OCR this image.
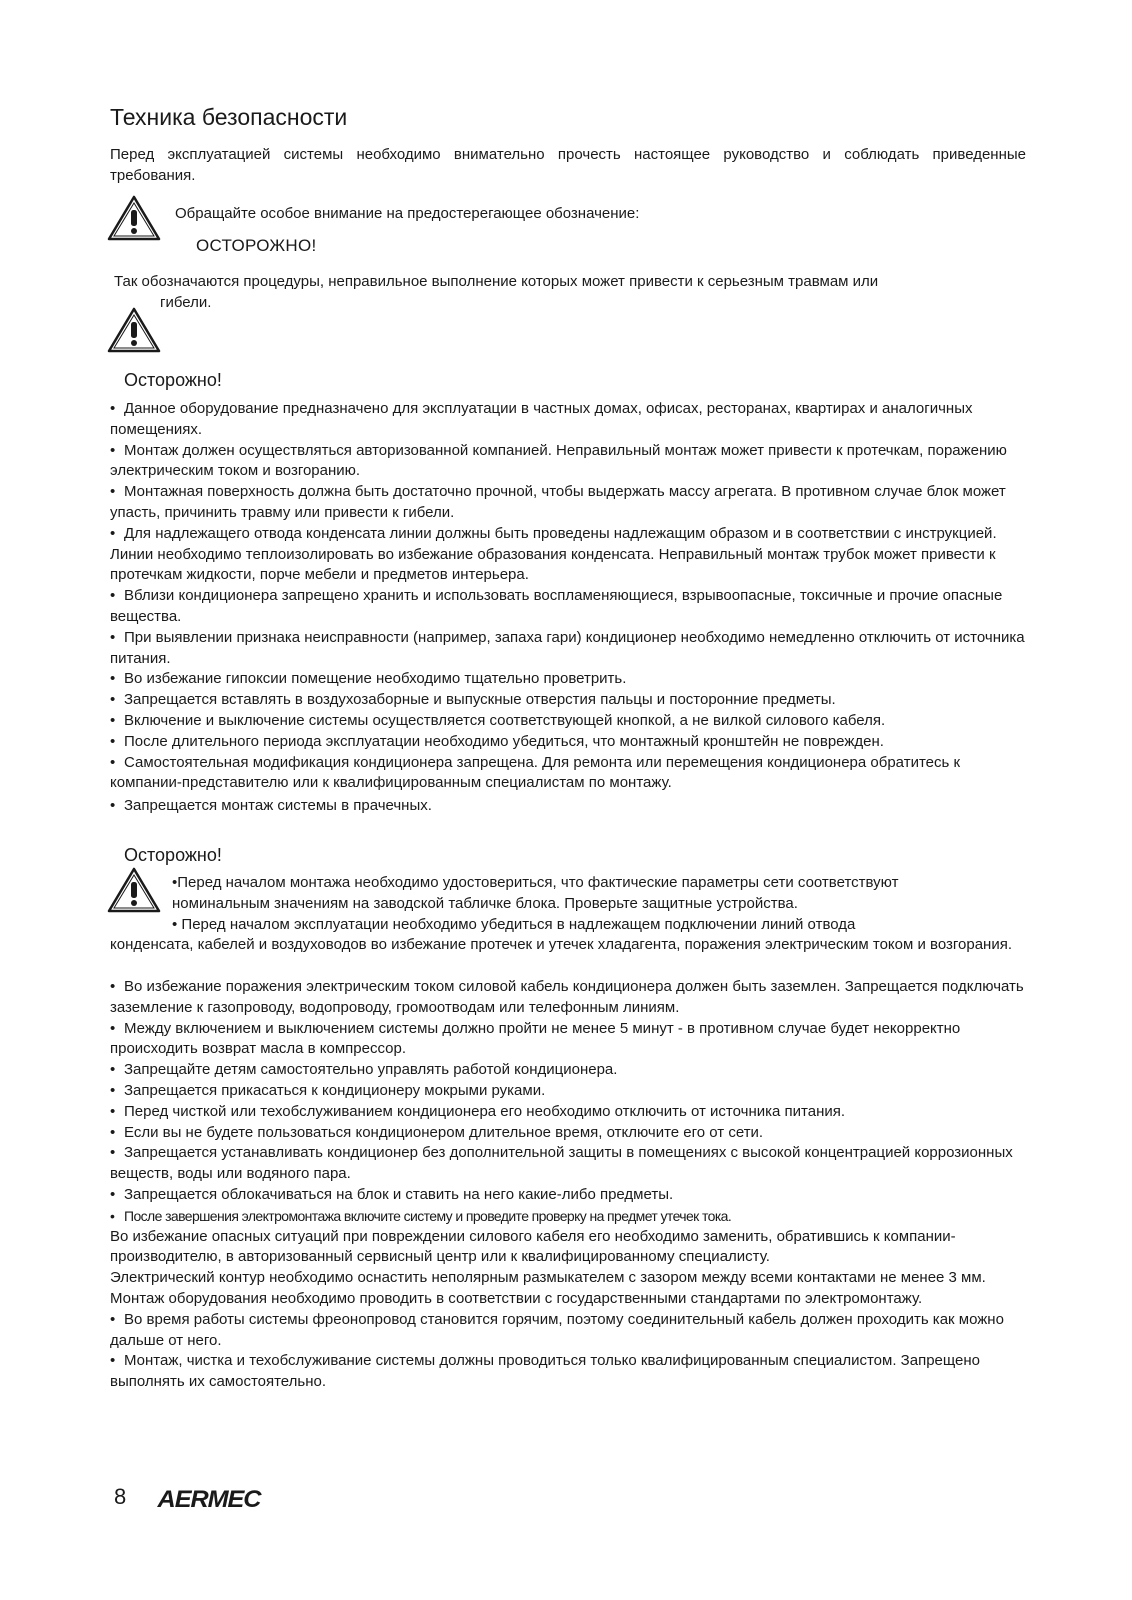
Техника безопасности

Перед эксплуатацией системы необходимо внимательно прочесть настоящее руководство и соблюдать приведенные требования.

Обращайте особое внимание на предостерегающее обозначение:

ОСТОРОЖНО!

Так обозначаются процедуры, неправильное выполнение которых может привести к серьезным травмам или
гибели.

Осторожно!

• Данное оборудование предназначено для эксплуатации в частных домах, офисах, ресторанах, квартирах и аналогичных помещениях.
• Монтаж должен осуществляться авторизованной компанией. Неправильный монтаж может привести к протечкам, поражению электрическим током и возгоранию.
• Монтажная поверхность должна быть достаточно прочной, чтобы выдержать массу агрегата. В противном случае блок может упасть, причинить травму или привести к гибели.
• Для надлежащего отвода конденсата линии должны быть проведены надлежащим образом и в соответствии с инструкцией. Линии необходимо теплоизолировать во избежание образования конденсата. Неправильный монтаж трубок может привести к протечкам жидкости, порче мебели и предметов интерьера.
• Вблизи кондиционера запрещено хранить и использовать воспламеняющиеся, взрывоопасные, токсичные и прочие опасные вещества.
• При выявлении признака неисправности (например, запаха гари) кондиционер необходимо немедленно отключить от источника питания.
• Во избежание гипоксии помещение необходимо тщательно проветрить.
• Запрещается вставлять в воздухозаборные и выпускные отверстия пальцы и посторонние предметы.
• Включение и выключение системы осуществляется соответствующей кнопкой, а не вилкой силового кабеля.
• После длительного периода эксплуатации необходимо убедиться, что монтажный кронштейн не поврежден.
• Самостоятельная модификация кондиционера запрещена. Для ремонта или перемещения кондиционера обратитесь к компании-представителю или к квалифицированным специалистам по монтажу.
• Запрещается монтаж системы в прачечных.

Осторожно!

•Перед началом монтажа необходимо удостовериться, что фактические параметры сети соответствуют
номинальным значениям на заводской табличке блока. Проверьте защитные устройства.
• Перед началом эксплуатации необходимо убедиться в надлежащем подключении линий отвода
конденсата, кабелей и воздуховодов во избежание протечек и утечек хладагента, поражения электрическим током и возгорания.
• Во избежание поражения электрическим током силовой кабель кондиционера должен быть заземлен. Запрещается подключать заземление к газопроводу, водопроводу, громоотводам или телефонным линиям.
• Между включением и выключением системы должно пройти не менее 5 минут - в противном случае будет некорректно происходить возврат масла в компрессор.
• Запрещайте детям самостоятельно управлять работой кондиционера.
• Запрещается прикасаться к кондиционеру мокрыми руками.
• Перед чисткой или техобслуживанием кондиционера его необходимо отключить от источника питания.
• Если вы не будете пользоваться кондиционером длительное время, отключите его от сети.
• Запрещается устанавливать кондиционер без дополнительной защиты в помещениях с высокой концентрацией коррозионных веществ, воды или водяного пара.
• Запрещается облокачиваться на блок и ставить на него какие-либо предметы.
• После завершения электромонтажа включите систему и проведите проверку на предмет утечек тока.
Во избежание опасных ситуаций при повреждении силового кабеля его необходимо заменить, обратившись к компании-производителю, в авторизованный сервисный центр или к квалифицированному специалисту.
Электрический контур необходимо оснастить неполярным размыкателем с зазором между всеми контактами не менее 3 мм.
Монтаж оборудования необходимо проводить в соответствии с государственными стандартами по электромонтажу.
• Во время работы системы фреонопровод становится горячим, поэтому соединительный кабель должен проходить как можно дальше от него.
• Монтаж, чистка и техобслуживание системы должны проводиться только квалифицированным специалистом. Запрещено выполнять их самостоятельно.

8 AERMEC
